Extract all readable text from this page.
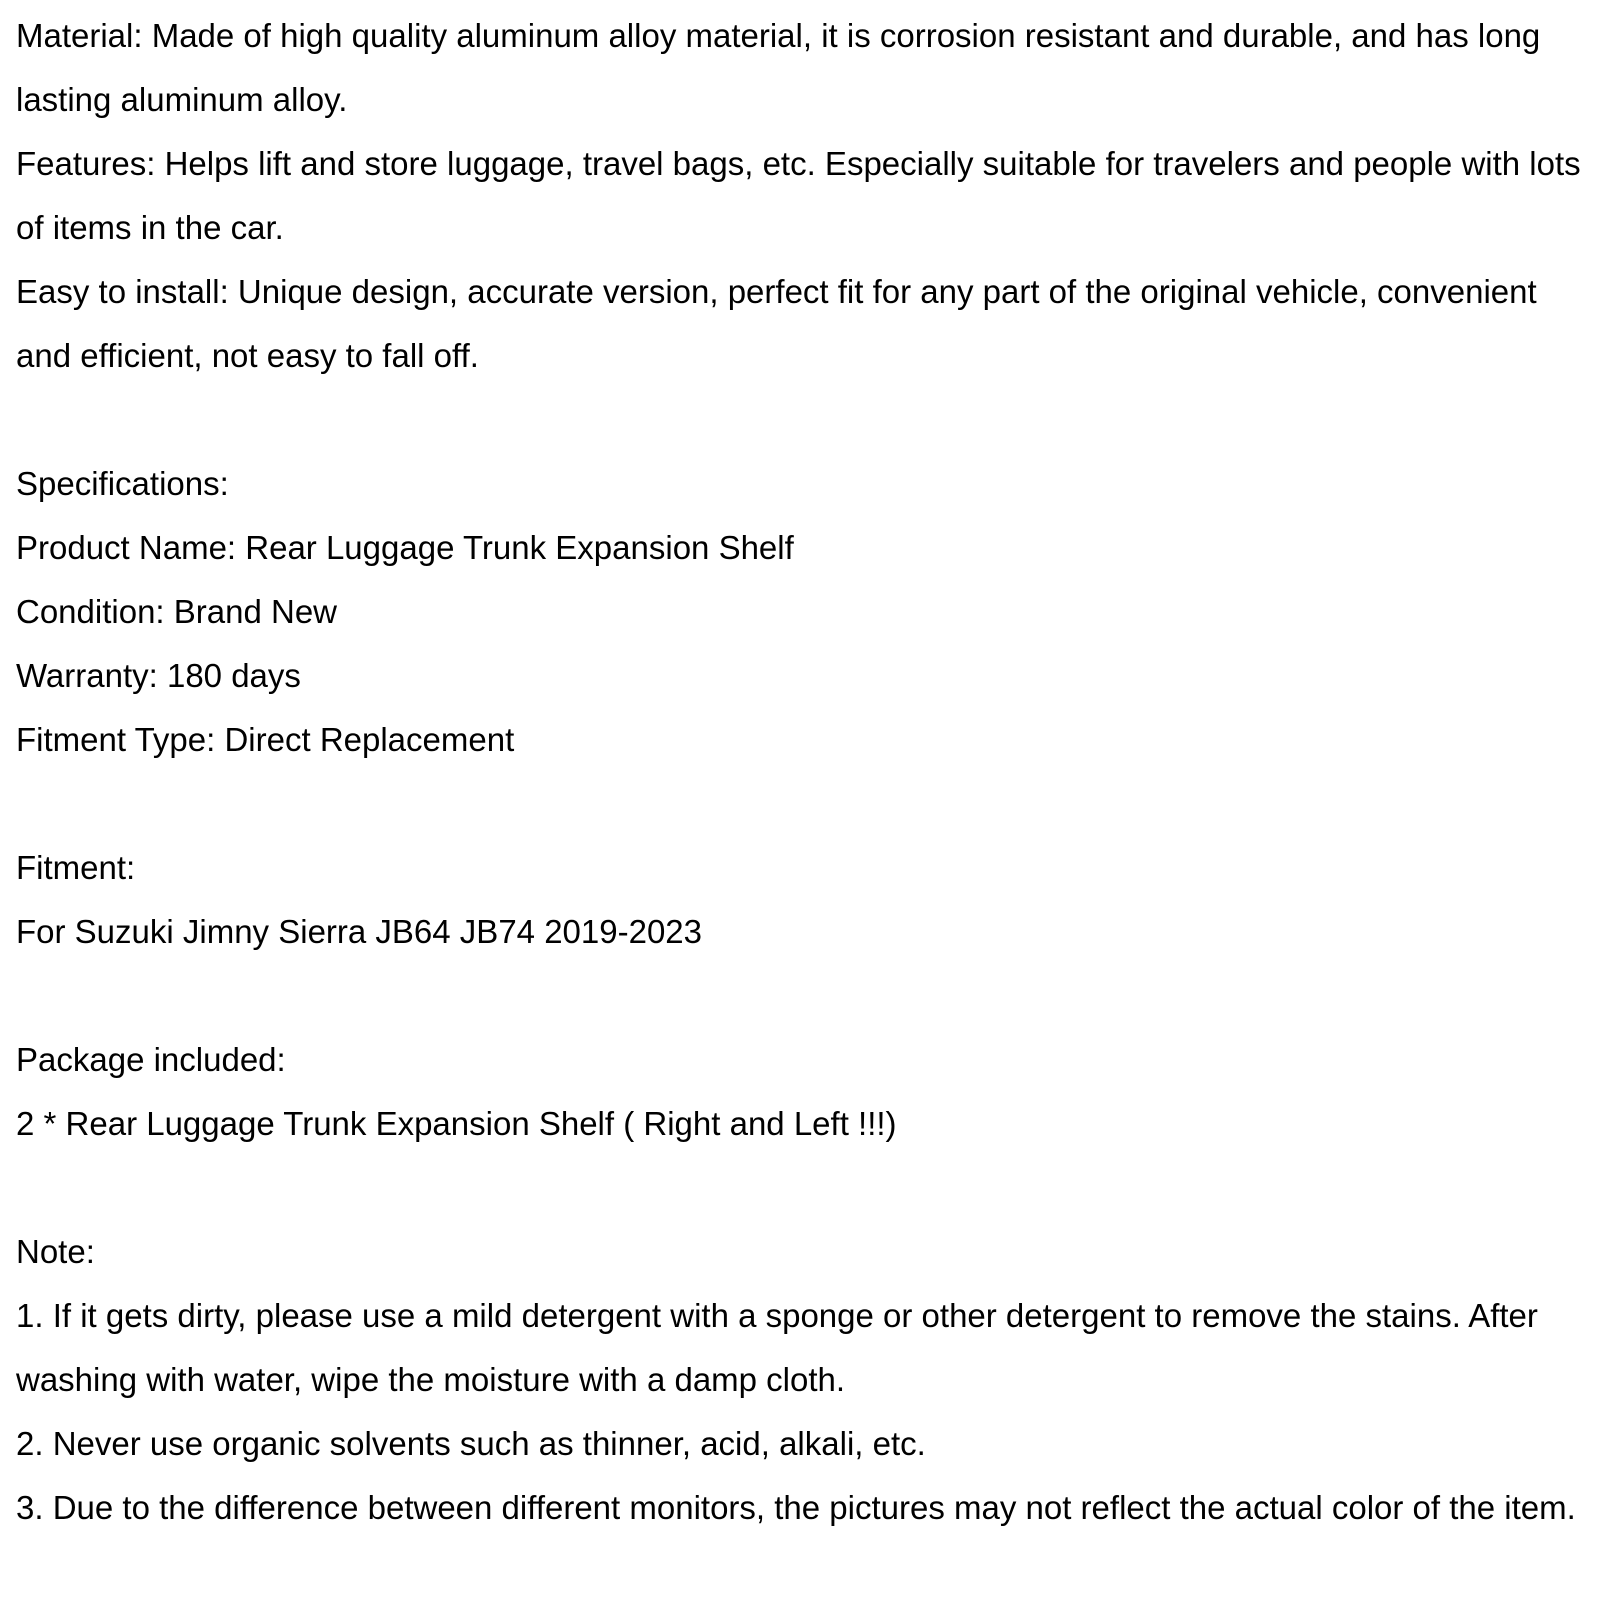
Material: Made of high quality aluminum alloy material, it is corrosion resistant and durable, and has long lasting aluminum alloy.

Features: Helps lift and store luggage, travel bags, etc. Especially suitable for travelers and people with lots of items in the car.

Easy to install: Unique design, accurate version, perfect fit for any part of the original vehicle, convenient and efficient, not easy to fall off.

Specifications:

Product Name: Rear Luggage Trunk Expansion Shelf

Condition: Brand New

Warranty: 180 days

Fitment Type: Direct Replacement

Fitment:

For Suzuki Jimny Sierra JB64 JB74 2019-2023

Package included:

2 * Rear Luggage Trunk Expansion Shelf ( Right and Left !!!)

Note:

1. If it gets dirty, please use a mild detergent with a sponge or other detergent to remove the stains. After washing with water, wipe the moisture with a damp cloth.

2. Never use organic solvents such as thinner, acid, alkali, etc.

3. Due to the difference between different monitors, the pictures may not reflect the actual color of the item.
